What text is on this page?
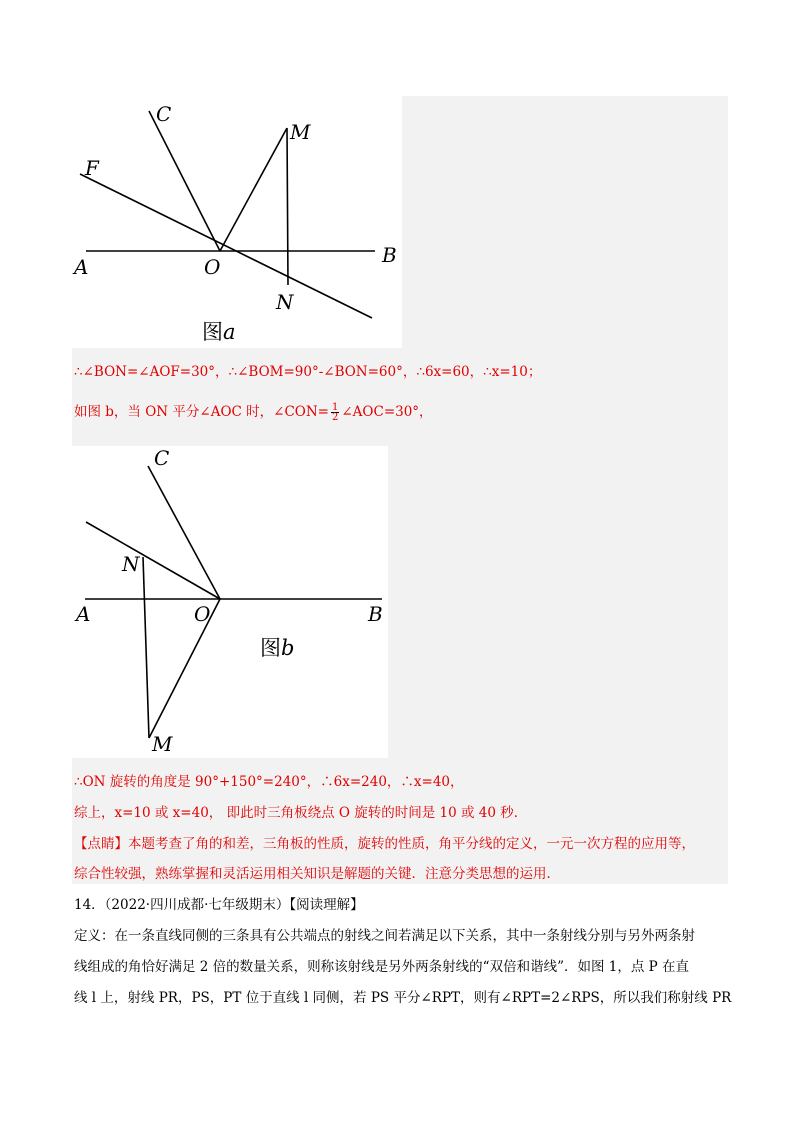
C
M
F
A	O	B
N
图a
∴∠BON=∠AOF=30°，∴∠BOM=90°-∠BON=60°，∴6x=60，∴x=10；
如图 b，当 ON 平分∠AOC 时，∠CON= $\frac{1}{2}$ ∠AOC=30°，
C
N
A	O	B
M
图b
∴ON 旋转的角度是 90°+150°=240°，∴6x=240，∴x=40，
综上，x=10 或 x=40， 即此时三角板绕点 O 旋转的时间是 10 或 40 秒．
【点睛】本题考查了角的和差，三角板的性质，旋转的性质，角平分线的定义，一元一次方程的应用等，
综合性较强，熟练掌握和灵活运用相关知识是解题的关键．注意分类思想的运用．
14．（2022·四川成都·七年级期末）【阅读理解】
定义：在一条直线同侧的三条具有公共端点的射线之间若满足以下关系，其中一条射线分别与另外两条射
线组成的角恰好满足 2 倍的数量关系，则称该射线是另外两条射线的“双倍和谐线”．如图 1，点 P 在直
线 l 上，射线 PR，PS，PT 位于直线 l 同侧，若 PS 平分∠RPT，则有∠RPT=2∠RPS，所以我们称射线 PR
